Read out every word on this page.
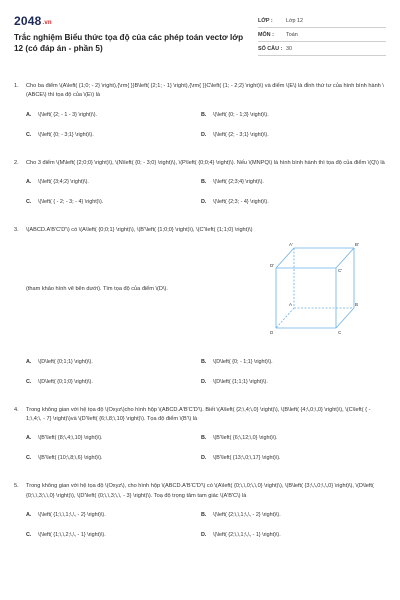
2048.vn
Trắc nghiệm Biểu thức tọa độ của các phép toán vectơ lớp 12 (có đáp án - phần 5)
LỚP :	Lớp 12
MÔN :	Toán
SỐ CÂU : 30
1. Cho ba điểm \(A\left( {1;0; - 2} \right),{\rm{ }}B\left( {2;1; - 1} \right),{\rm{ }}C\left( {1; - 2;2} \right)\) và điểm \(E\) là đỉnh thứ tư của hình bình hành \(ABCE\) thì tọa độ của \(E\) là
A. \(\left( {2; - 1 - 3} \right)\).	B. \(\left( {0; - 1;3} \right)\).
C. \(\left( {0; - 3;1} \right)\).	D. \(\left( {2; - 3;1} \right)\).
2. Cho 3 điểm \(M\left( {2;0;0} \right)\), \(N\left( {0; - 3;0} \right)\), \(P\left( {0;0;4} \right)\). Nếu \(MNPQ\) là hình bình hành thì tọa độ của điểm \(Q\) là
A. \(\left( {3;4;2} \right)\).	B. \(\left( {2;3;4} \right)\).
C. \(\left( { - 2; - 3; - 4} \right)\).	D. \(\left( {2;3; - 4} \right)\).
3. \(ABCD.A'B'C'D'\) có \(A\left( {0;0;1} \right)\), \(B'\left( {1;0;0} \right)\), \(C'\left( {1;1;0} \right)\)
(tham khảo hình vẽ bên dưới). Tìm tọa độ của điểm \(D\).
A'	B'
C'
D'
A	B
C
D
A. \(D\left( {0;1;1} \right)\).	B. \(D\left( {0; - 1;1} \right)\).
C. \(D\left( {0;1;0} \right)\).	D. \(D\left( {1;1;1} \right)\).
4. Trong không gian với hệ tọa độ \(Oxyz\)cho hình hộp \(ABCD.A'B'C'D'\). Biết \(A\left( {2;\,4;\,0} \right)\), \(B\left( {4;\,0;\,0} \right)\), \(C\left( { - 1;\,4;\, - 7} \right)\)và \(D'\left( {6;\,8;\,10} \right)\). Tọa độ điểm \(B'\) là
A. \(B'\left( {8;\,4;\,10} \right)\).	B. \(B'\left( {6;\,12;\,0} \right)\).
C. \(B'\left( {10;\,8;\,6} \right)\).	D. \(B'\left( {13;\,0;\,17} \right)\).
5. Trong không gian với hệ tọa độ \(Oxyz\), cho hình hộp \(ABCD.A'B'C'D'\) có \(A\left( {0;\,\,0;\,\,0} \right)\), \(B\left( {3;\,\,0;\,\,0} \right)\), \(D\left( {0;\,\,3;\,\,0} \right)\), \(D'\left( {0;\,\,3;\,\, - 3} \right)\). Toạ độ trọng tâm tam giác \(A'B'C\) là
A. \(\left( {1;\,\,1;\,\, - 2} \right)\).	B. \(\left( {2;\,\,1;\,\, - 2} \right)\).
C. \(\left( {1;\,\,2;\,\, - 1} \right)\).	D. \(\left( {2;\,\,1;\,\, - 1} \right)\).
